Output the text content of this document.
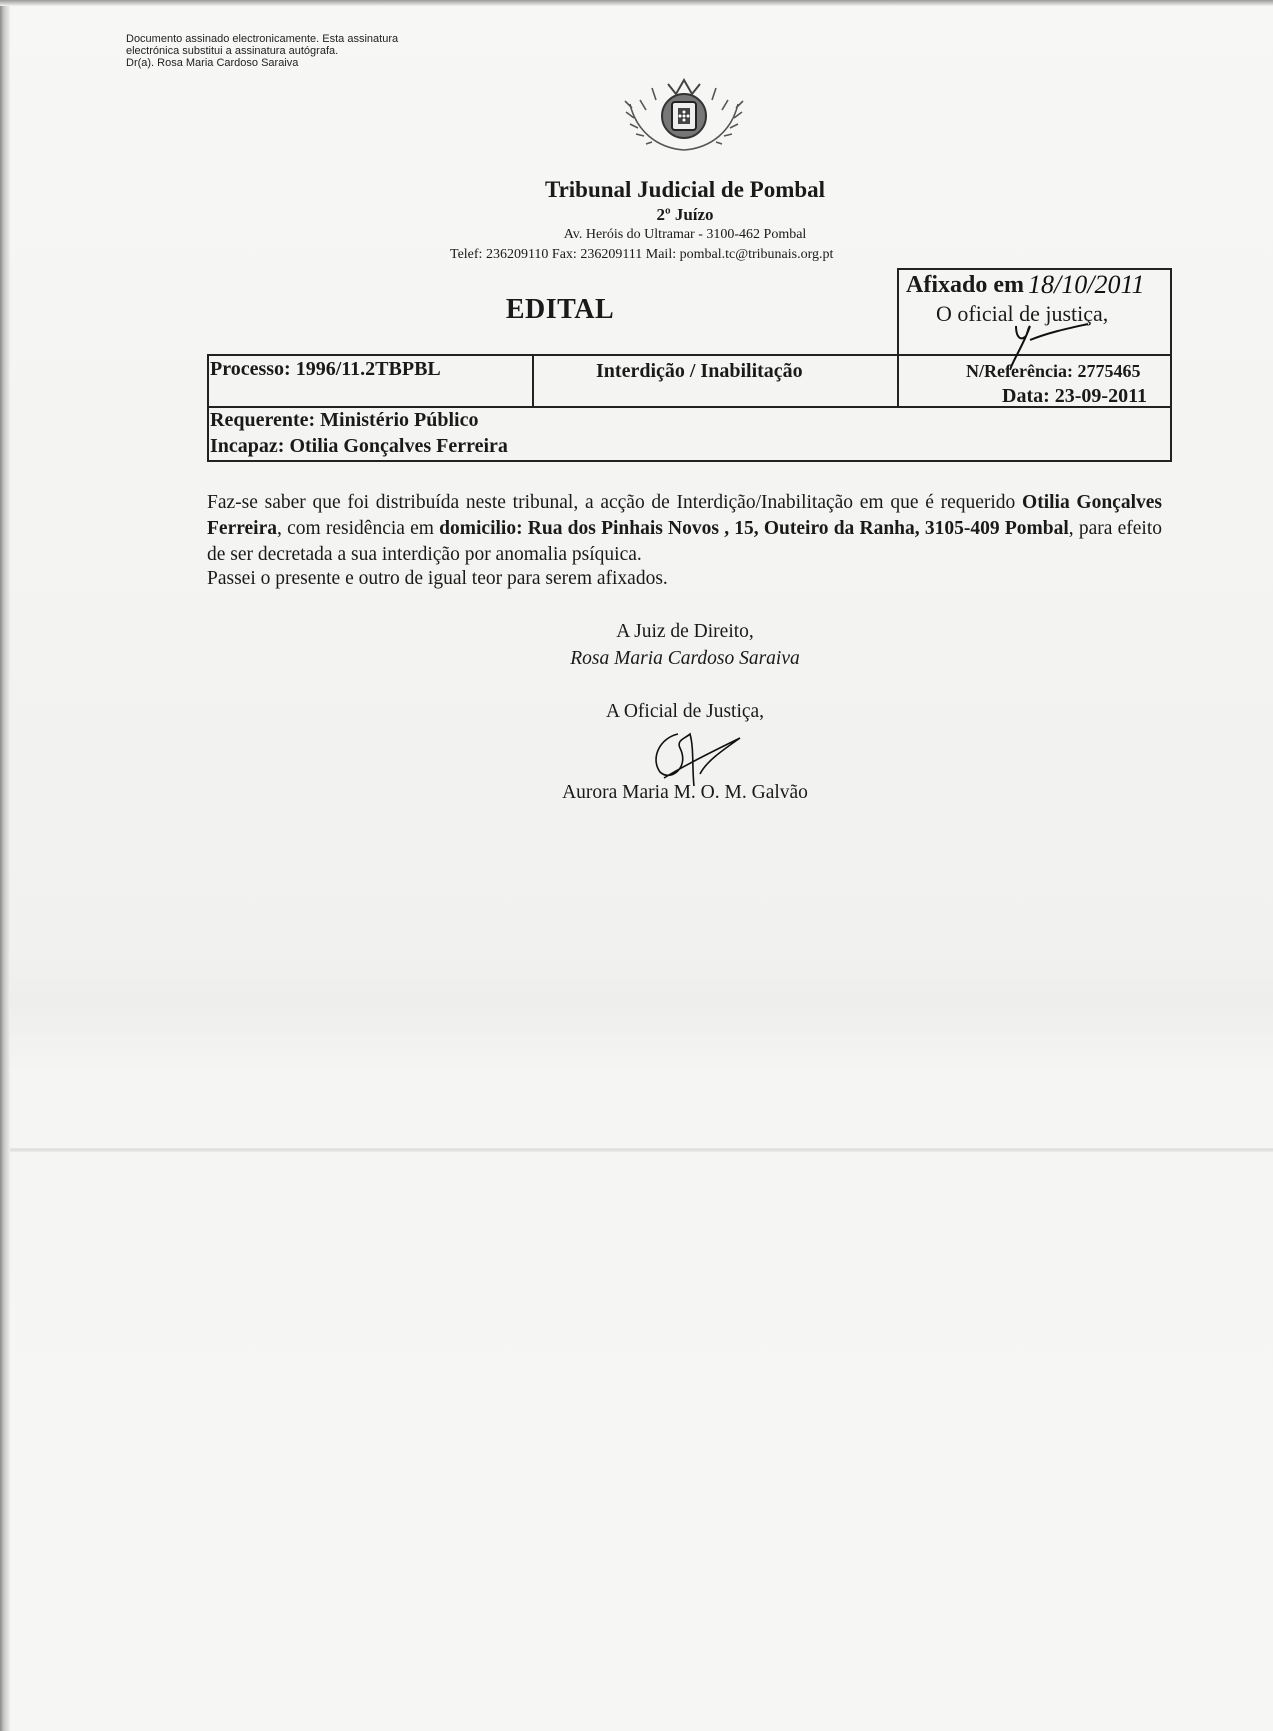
Documento assinado electronicamente. Esta assinatura
electrónica substitui a assinatura autógrafa.
Dr(a). Rosa Maria Cardoso Saraiva
Tribunal Judicial de Pombal
2º Juízo
Av. Heróis do Ultramar - 3100-462 Pombal
Telef: 236209110 Fax: 236209111 Mail: pombal.tc@tribunais.org.pt
EDITAL
Afixado em 18/10/2011
O oficial de justiça,
Processo: 1996/11.2TBPBL	Interdição / Inabilitação	N/Referência: 2775465
Data: 23-09-2011
Requerente: Ministério Público
Incapaz: Otilia Gonçalves Ferreira
Faz-se saber que foi distribuída neste tribunal, a acção de Interdição/Inabilitação em que é requerido Otilia Gonçalves Ferreira, com residência em domicilio: Rua dos Pinhais Novos , 15, Outeiro da Ranha, 3105-409 Pombal, para efeito de ser decretada a sua interdição por anomalia psíquica.
Passei o presente e outro de igual teor para serem afixados.
A Juiz de Direito,
Rosa Maria Cardoso Saraiva
A Oficial de Justiça,
Aurora Maria M. O. M. Galvão
